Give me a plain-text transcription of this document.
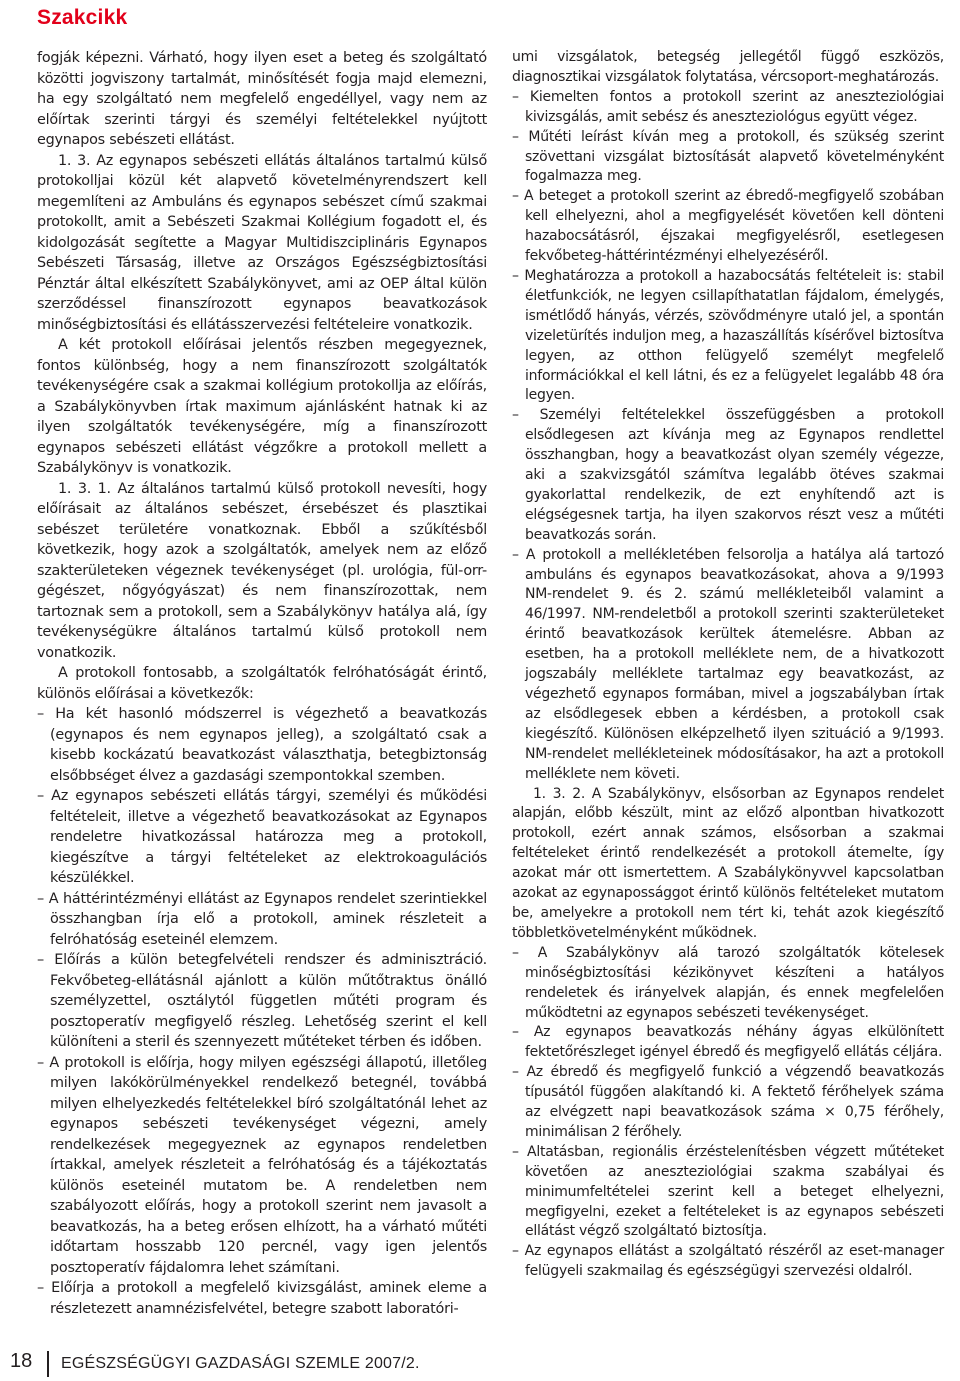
Szakcikk

fogják képezni. Várható, hogy ilyen eset a beteg és szolgáltató közötti jogviszony tartalmát, minősítését fogja majd elemezni, ha egy szolgáltató nem megfelelő engedéllyel, vagy nem az előírtak szerinti tárgyi és személyi feltételekkel nyújtott egynapos sebészeti ellátást.

1. 3. Az egynapos sebészeti ellátás általános tartalmú külső protokolljai közül két alapvető követelményrendszert kell megemlíteni az Ambuláns és egynapos sebészet című szakmai protokollt, amit a Sebészeti Szakmai Kollégium fogadott el, és kidolgozását segítette a Magyar Multidiszciplináris Egynapos Sebészeti Társaság, illetve az Országos Egészségbiztosítási Pénztár által elkészített Szabálykönyvet, ami az OEP által külön szerződéssel finanszírozott egynapos beavatkozások minőségbiztosítási és ellátásszervezési feltételeire vonatkozik.

A két protokoll előírásai jelentős részben megegyeznek, fontos különbség, hogy a nem finanszírozott szolgáltatók tevékenységére csak a szakmai kollégium protokollja az előírás, a Szabálykönyvben írtak maximum ajánlásként hatnak ki az ilyen szolgáltatók tevékenységére, míg a finanszírozott egynapos sebészeti ellátást végzőkre a protokoll mellett a Szabálykönyv is vonatkozik.

1. 3. 1. Az általános tartalmú külső protokoll nevesíti, hogy előírásait az általános sebészet, érsebészet és plasztikai sebészet területére vonatkoznak. Ebből a szűkítésből következik, hogy azok a szolgáltatók, amelyek nem az előző szakterületeken végeznek tevékenységet (pl. urológia, fül-orr-gégészet, nőgyógyászat) és nem finanszírozottak, nem tartoznak sem a protokoll, sem a Szabálykönyv hatálya alá, így tevékenységükre általános tartalmú külső protokoll nem vonatkozik.

A protokoll fontosabb, a szolgáltatók felróhatóságát érintő, különös előírásai a következők:

– Ha két hasonló módszerrel is végezhető a beavatkozás (egynapos és nem egynapos jelleg), a szolgáltató csak a kisebb kockázatú beavatkozást választhatja, betegbiztonság elsőbbséget élvez a gazdasági szempontokkal szemben.

– Az egynapos sebészeti ellátás tárgyi, személyi és működési feltételeit, illetve a végezhető beavatkozásokat az Egynapos rendeletre hivatkozással határozza meg a protokoll, kiegészítve a tárgyi feltételeket az elektrokoagulációs készülékkel.

– A háttérintézményi ellátást az Egynapos rendelet szerintiekkel összhangban írja elő a protokoll, aminek részleteit a felróhatóság eseteinél elemzem.

– Előírás a külön betegfelvételi rendszer és adminisztráció. Fekvőbeteg-ellátásnál ajánlott a külön műtőtraktus önálló személyzettel, osztálytól független műtéti program és posztoperatív megfigyelő részleg. Lehetőség szerint el kell különíteni a steril és szennyezett műtéteket térben és időben.

– A protokoll is előírja, hogy milyen egészségi állapotú, illetőleg milyen lakókörülményekkel rendelkező betegnél, továbbá milyen elhelyezkedés feltételekkel bíró szolgáltatónál lehet az egynapos sebészeti tevékenységet végezni, amely rendelkezések megegyeznek az egynapos rendeletben írtakkal, amelyek részleteit a felróhatóság és a tájékoztatás különös eseteinél mutatom be. A rendeletben nem szabályozott előírás, hogy a protokoll szerint nem javasolt a beavatkozás, ha a beteg erősen elhízott, ha a várható műtéti időtartam hosszabb 120 percnél, vagy igen jelentős posztoperatív fájdalomra lehet számítani.

– Előírja a protokoll a megfelelő kivizsgálást, aminek eleme a részletezett anamnézisfelvétel, betegre szabott laboratóri-

umi vizsgálatok, betegség jellegétől függő eszközös, diagnosztikai vizsgálatok folytatása, vércsoport-meghatározás.

– Kiemelten fontos a protokoll szerint az aneszteziológiai kivizsgálás, amit sebész és aneszteziológus együtt végez.

– Műtéti leírást kíván meg a protokoll, és szükség szerint szövettani vizsgálat biztosítását alapvető követelményként fogalmazza meg.

– A beteget a protokoll szerint az ébredő-megfigyelő szobában kell elhelyezni, ahol a megfigyelését követően kell dönteni hazabocsátásról, éjszakai megfigyelésről, esetlegesen fekvőbeteg-háttérintézményi elhelyezéséről.

– Meghatározza a protokoll a hazabocsátás feltételeit is: stabil életfunkciók, ne legyen csillapíthatatlan fájdalom, émelygés, ismétlődő hányás, vérzés, szövődményre utaló jel, a spontán vizeletürítés induljon meg, a hazaszállítás kísérővel biztosítva legyen, az otthon felügyelő személyt megfelelő információkkal el kell látni, és ez a felügyelet legalább 48 óra legyen.

– Személyi feltételekkel összefüggésben a protokoll elsődlegesen azt kívánja meg az Egynapos rendlettel összhangban, hogy a beavatkozást olyan személy végezze, aki a szakvizsgától számítva legalább ötéves szakmai gyakorlattal rendelkezik, de ezt enyhítendő azt is elégségesnek tartja, ha ilyen szakorvos részt vesz a műtéti beavatkozás során.

– A protokoll a mellékletében felsorolja a hatálya alá tartozó ambuláns és egynapos beavatkozásokat, ahova a 9/1993 NM-rendelet 9. és 2. számú mellékleteiből valamint a 46/1997. NM-rendeletből a protokoll szerinti szakterületeket érintő beavatkozások kerültek átemelésre. Abban az esetben, ha a protokoll mellékletе nem, de a hivatkozott jogszabály mellékletе tartalmaz egy beavatkozást, az végezhető egynapos formában, mivel a jogszabályban írtak az elsődlegesek ebben a kérdésben, a protokoll csak kiegészítő. Különösen elképzelhető ilyen szituáció a 9/1993. NM-rendelet mellékleteinek módosításakor, ha azt a protokoll melléklete nem követi.

1. 3. 2. A Szabálykönyv, elsősorban az Egynapos rendelet alapján, előbb készült, mint az előző alpontban hivatkozott protokoll, ezért annak számos, elsősorban a szakmai feltételeket érintő rendelkezését a protokoll átemelte, így azokat már ott ismertettem. A Szabálykönyvvel kapcsolatban azokat az egynapossággot érintő különös feltételeket mutatom be, amelyekre a protokoll nem tért ki, tehát azok kiegészítő többletkövetelményként működnek.

– A Szabálykönyv alá tarozó szolgáltatók kötelesek minőségbiztosítási kézikönyvet készíteni a hatályos rendeletek és irányelvek alapján, és ennek megfelelően működtetni az egynapos sebészeti tevékenységet.

– Az egynapos beavatkozás néhány ágyas elkülönített fektetőrészleget igényel ébredő és megfigyelő ellátás céljára.

– Az ébredő és megfigyelő funkció a végzendő beavatkozás típusától függően alakítandó ki. A fektető férőhelyek száma az elvégzett napi beavatkozások száma × 0,75 férőhely, minimálisan 2 férőhely.

– Altatásban, regionális érzéstelenítésben végzett műtéteket követően az aneszteziológiai szakma szabályai és minimumfeltételei szerint kell a beteget elhelyezni, megfigyelni, ezeket a feltételeket is az egynapos sebészeti ellátást végző szolgáltató biztosítja.

– Az egynapos ellátást a szolgáltató részéről az eset-manager felügyeli szakmailag és egészségügyi szervezési oldalról.

18 EGÉSZSÉGÜGYI GAZDASÁGI SZEMLE 2007/2.
